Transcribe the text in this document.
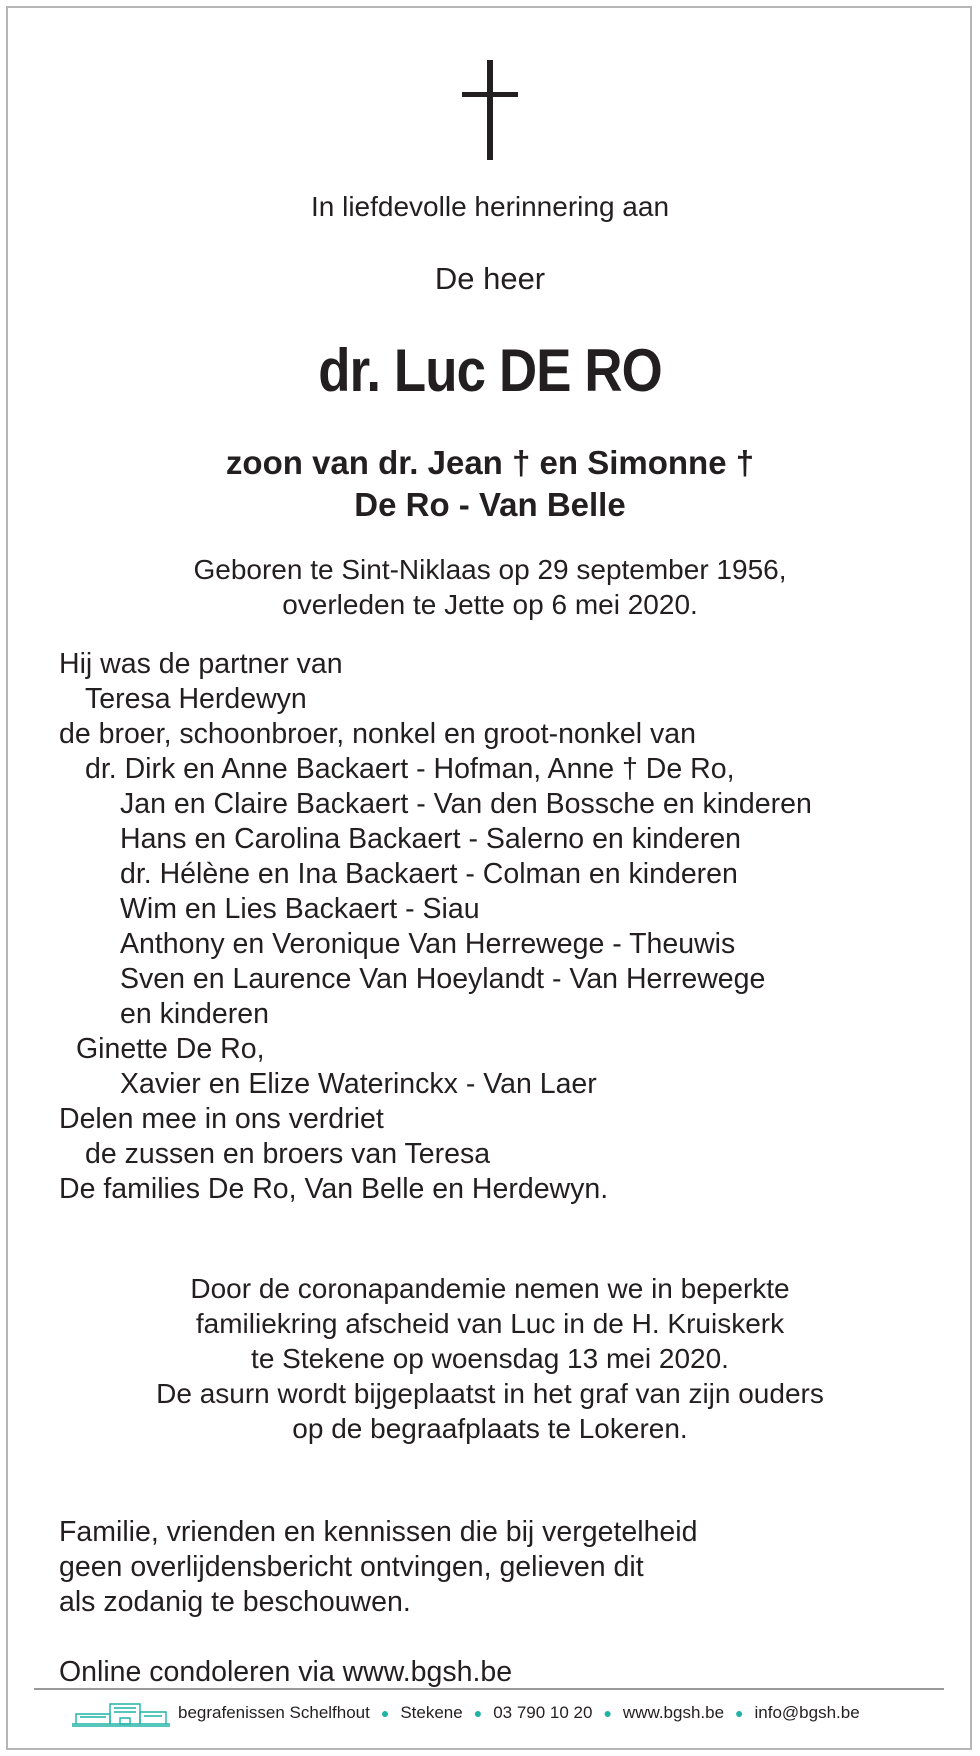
In liefdevolle herinnering aan
De heer
dr. Luc DE RO
zoon van dr. Jean † en Simonne †
De Ro - Van Belle
Geboren te Sint-Niklaas op 29 september 1956,
overleden te Jette op 6 mei 2020.
Hij was de partner van
Teresa Herdewyn
de broer, schoonbroer, nonkel en groot-nonkel van
dr. Dirk en Anne Backaert - Hofman, Anne † De Ro,
Jan en Claire Backaert - Van den Bossche en kinderen
Hans en Carolina Backaert - Salerno en kinderen
dr. Hélène en Ina Backaert - Colman en kinderen
Wim en Lies Backaert - Siau
Anthony en Veronique Van Herrewege - Theuwis
Sven en Laurence Van Hoeylandt - Van Herrewege
en kinderen
Ginette De Ro,
Xavier en Elize Waterinckx - Van Laer
Delen mee in ons verdriet
de zussen en broers van Teresa
De families De Ro, Van Belle en Herdewyn.
Door de coronapandemie nemen we in beperkte
familiekring afscheid van Luc in de H. Kruiskerk
te Stekene op woensdag 13 mei 2020.
De asurn wordt bijgeplaatst in het graf van zijn ouders
op de begraafplaats te Lokeren.
Familie, vrienden en kennissen die bij vergetelheid
geen overlijdensbericht ontvingen, gelieven dit
als zodanig te beschouwen.
Online condoleren via www.bgsh.be
begrafenissen Schelfhout ● Stekene ● 03 790 10 20 ● www.bgsh.be ● info@bgsh.be
